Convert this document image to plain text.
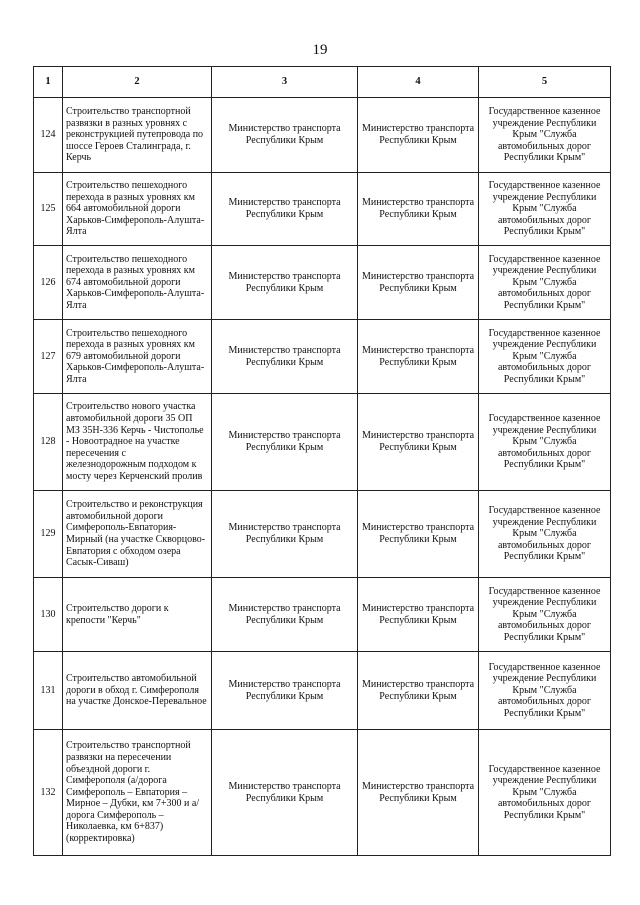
19
1	2	3	4	5
124	Строительство транспортной развязки в разных уровнях с реконструкцией путепровода по шоссе Героев Сталинграда, г. Керчь	Министерство транспорта Республики Крым	Министерство транспорта Республики Крым	Государственное казенное учреждение Республики Крым "Служба автомобильных дорог Республики Крым"
125	Строительство пешеходного перехода в разных уровнях км 664 автомобильной дороги Харьков-Симферополь-Алушта-Ялта	Министерство транспорта Республики Крым	Министерство транспорта Республики Крым	Государственное казенное учреждение Республики Крым "Служба автомобильных дорог Республики Крым"
126	Строительство пешеходного перехода в разных уровнях км 674 автомобильной дороги Харьков-Симферополь-Алушта-Ялта	Министерство транспорта Республики Крым	Министерство транспорта Республики Крым	Государственное казенное учреждение Республики Крым "Служба автомобильных дорог Республики Крым"
127	Строительство пешеходного перехода в разных уровнях км 679 автомобильной дороги Харьков-Симферополь-Алушта-Ялта	Министерство транспорта Республики Крым	Министерство транспорта Республики Крым	Государственное казенное учреждение Республики Крым "Служба автомобильных дорог Республики Крым"
128	Строительство нового участка автомобильной дороги 35 ОП МЗ 35Н-336 Керчь - Чистополье - Новоотрадное на участке пересечения с железнодорожным подходом к мосту через Керченский пролив	Министерство транспорта Республики Крым	Министерство транспорта Республики Крым	Государственное казенное учреждение Республики Крым "Служба автомобильных дорог Республики Крым"
129	Строительство и реконструкция автомобильной дороги Симферополь-Евпатория-Мирный (на участке Скворцово-Евпатория с обходом озера Сасык-Сиваш)	Министерство транспорта Республики Крым	Министерство транспорта Республики Крым	Государственное казенное учреждение Республики Крым "Служба автомобильных дорог Республики Крым"
130	Строительство дороги к крепости "Керчь"	Министерство транспорта Республики Крым	Министерство транспорта Республики Крым	Государственное казенное учреждение Республики Крым "Служба автомобильных дорог Республики Крым"
131	Строительство автомобильной дороги в обход г. Симферополя на участке Донское-Перевальное	Министерство транспорта Республики Крым	Министерство транспорта Республики Крым	Государственное казенное учреждение Республики Крым "Служба автомобильных дорог Республики Крым"
132	Строительство транспортной развязки на пересечении объездной дороги г. Симферополя (а/дорога Симферополь – Евпатория – Мирное – Дубки, км 7+300 и а/дорога Симферополь – Николаевка, км 6+837) (корректировка)	Министерство транспорта Республики Крым	Министерство транспорта Республики Крым	Государственное казенное учреждение Республики Крым "Служба автомобильных дорог Республики Крым"
